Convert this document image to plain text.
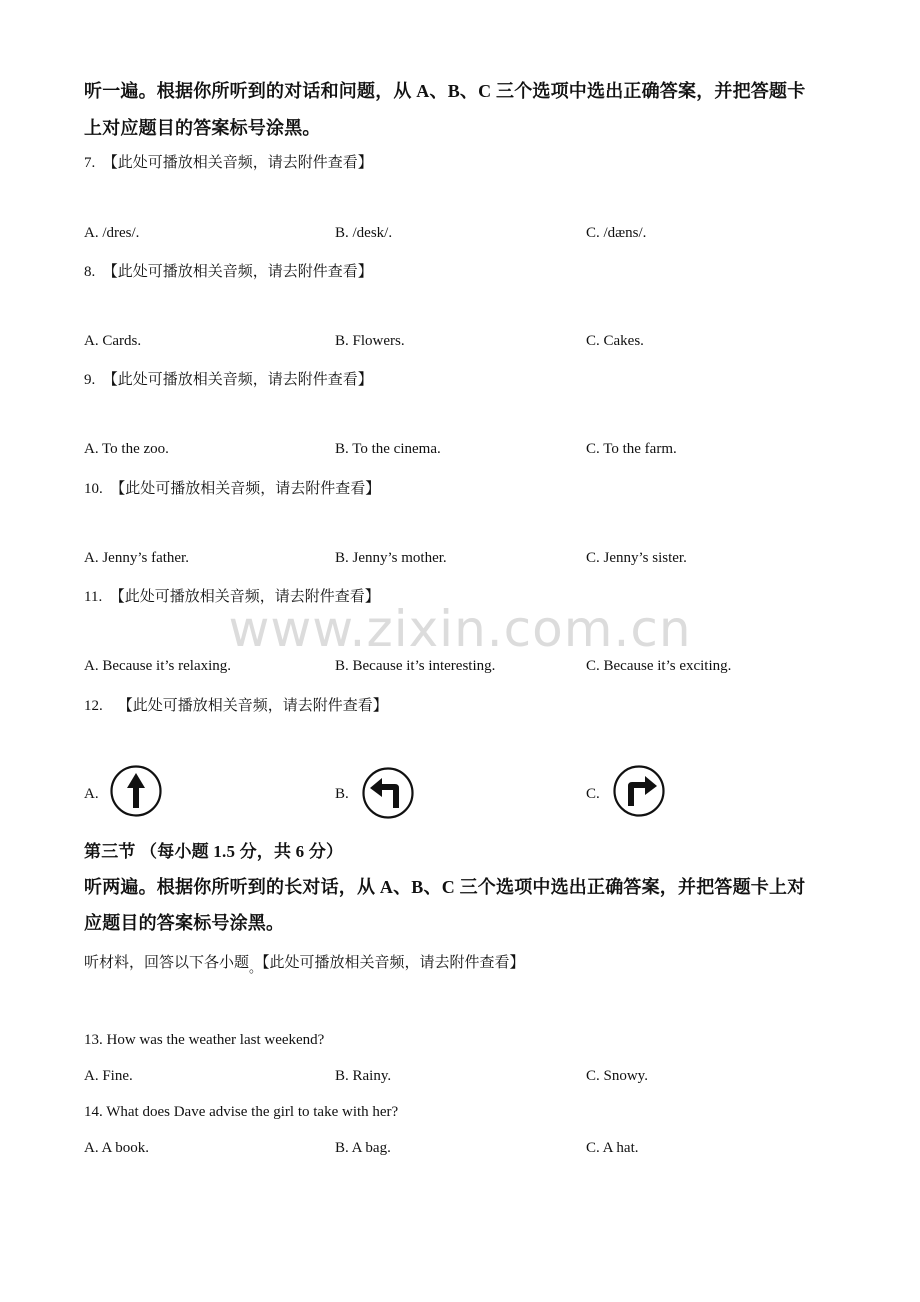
www.zixin.com.cn
听一遍。根据你所听到的对话和问题，从 A、B、C 三个选项中选出正确答案，并把答题卡
上对应题目的答案标号涂黑。
7. 【此处可播放相关音频，请去附件查看】
A. /dres/.	B. /desk/.	C. /dæns/.
8. 【此处可播放相关音频，请去附件查看】
A. Cards.	B. Flowers.	C. Cakes.
9. 【此处可播放相关音频，请去附件查看】
A. To the zoo.	B. To the cinema.	C. To the farm.
10. 【此处可播放相关音频，请去附件查看】
A. Jenny’s father.	B. Jenny’s mother.	C. Jenny’s sister.
11. 【此处可播放相关音频，请去附件查看】
A. Because it’s relaxing.	B. Because it’s interesting.	C. Because it’s exciting.
12. 【此处可播放相关音频，请去附件查看】
A.	B.	C.
第三节 （每小题 1.5 分，共 6 分）
听两遍。根据你所听到的长对话，从 A、B、C 三个选项中选出正确答案，并把答题卡上对
应题目的答案标号涂黑。
听材料，回答以下各小题。【此处可播放相关音频，请去附件查看】
13. How was the weather last weekend?
A. Fine.	B. Rainy.	C. Snowy.
14. What does Dave advise the girl to take with her?
A. A book.	B. A bag.	C. A hat.
